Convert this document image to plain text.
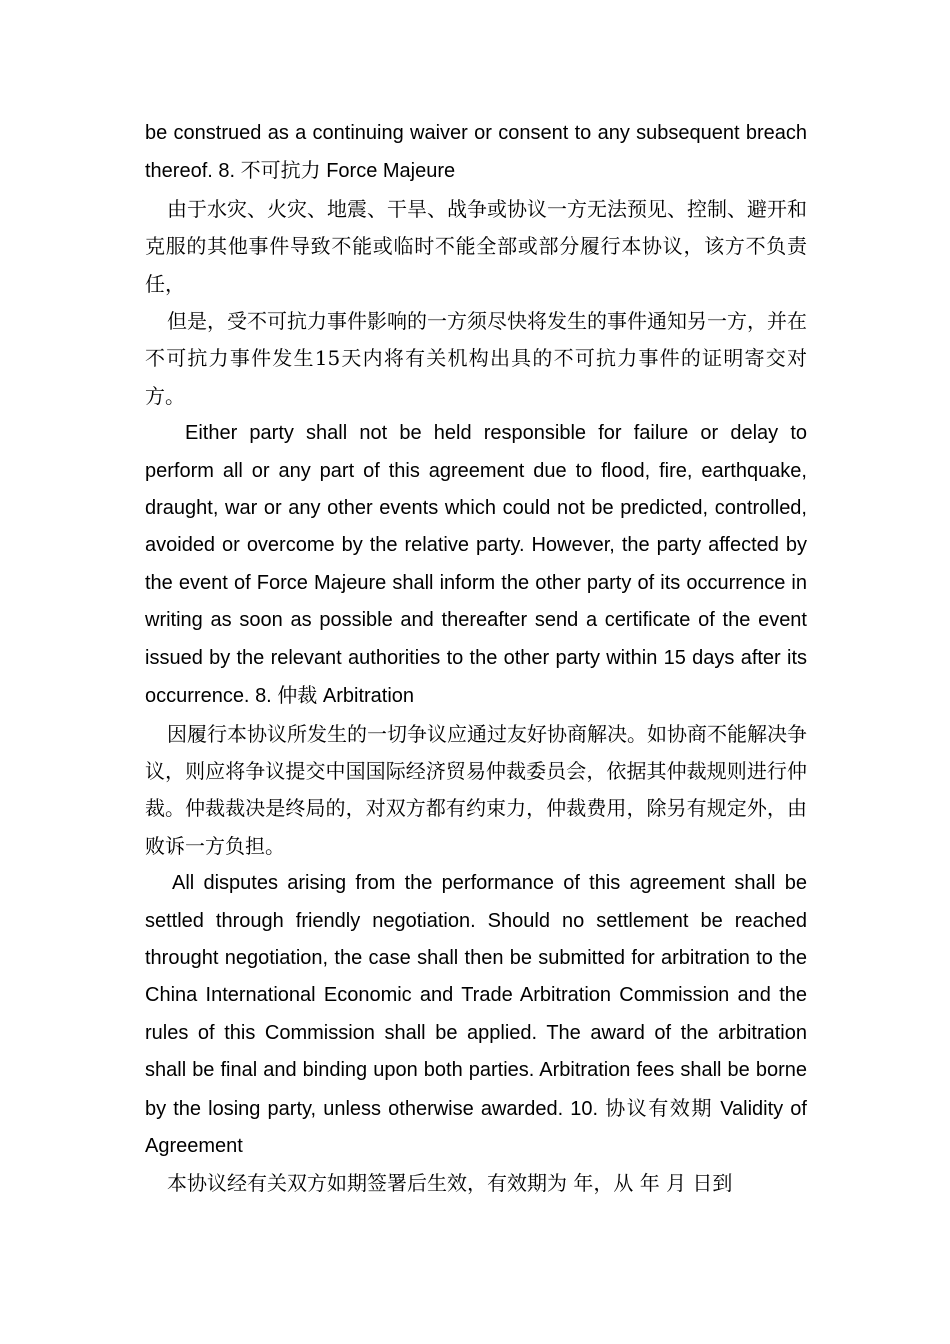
be construed as a continuing waiver or consent to any subsequent breach thereof. 8. 不可抗力 Force Majeure

由于水灾、火灾、地震、干旱、战争或协议一方无法预见、控制、避开和克服的其他事件导致不能或临时不能全部或部分履行本协议，该方不负责任，

但是，受不可抗力事件影响的一方须尽快将发生的事件通知另一方，并在不可抗力事件发生15天内将有关机构出具的不可抗力事件的证明寄交对方。

Either party shall not be held responsible for failure or delay to perform all or any part of this agreement due to flood, fire, earthquake, draught, war or any other events which could not be predicted, controlled, avoided or overcome by the relative party. However, the party affected by the event of Force Majeure shall inform the other party of its occurrence in writing as soon as possible and thereafter send a certificate of the event issued by the relevant authorities to the other party within 15 days after its occurrence. 8. 仲裁 Arbitration

因履行本协议所发生的一切争议应通过友好协商解决。如协商不能解决争议，则应将争议提交中国国际经济贸易仲裁委员会，依据其仲裁规则进行仲裁。仲裁裁决是终局的，对双方都有约束力，仲裁费用，除另有规定外，由败诉一方负担。

All disputes arising from the performance of this agreement shall be settled through friendly negotiation. Should no settlement be reached throught negotiation, the case shall then be submitted for arbitration to the China International Economic and Trade Arbitration Commission and the rules of this Commission shall be applied. The award of the arbitration shall be final and binding upon both parties. Arbitration fees shall be borne by the losing party, unless otherwise awarded. 10. 协议有效期 Validity of Agreement

本协议经有关双方如期签署后生效，有效期为 年，从 年 月 日到
